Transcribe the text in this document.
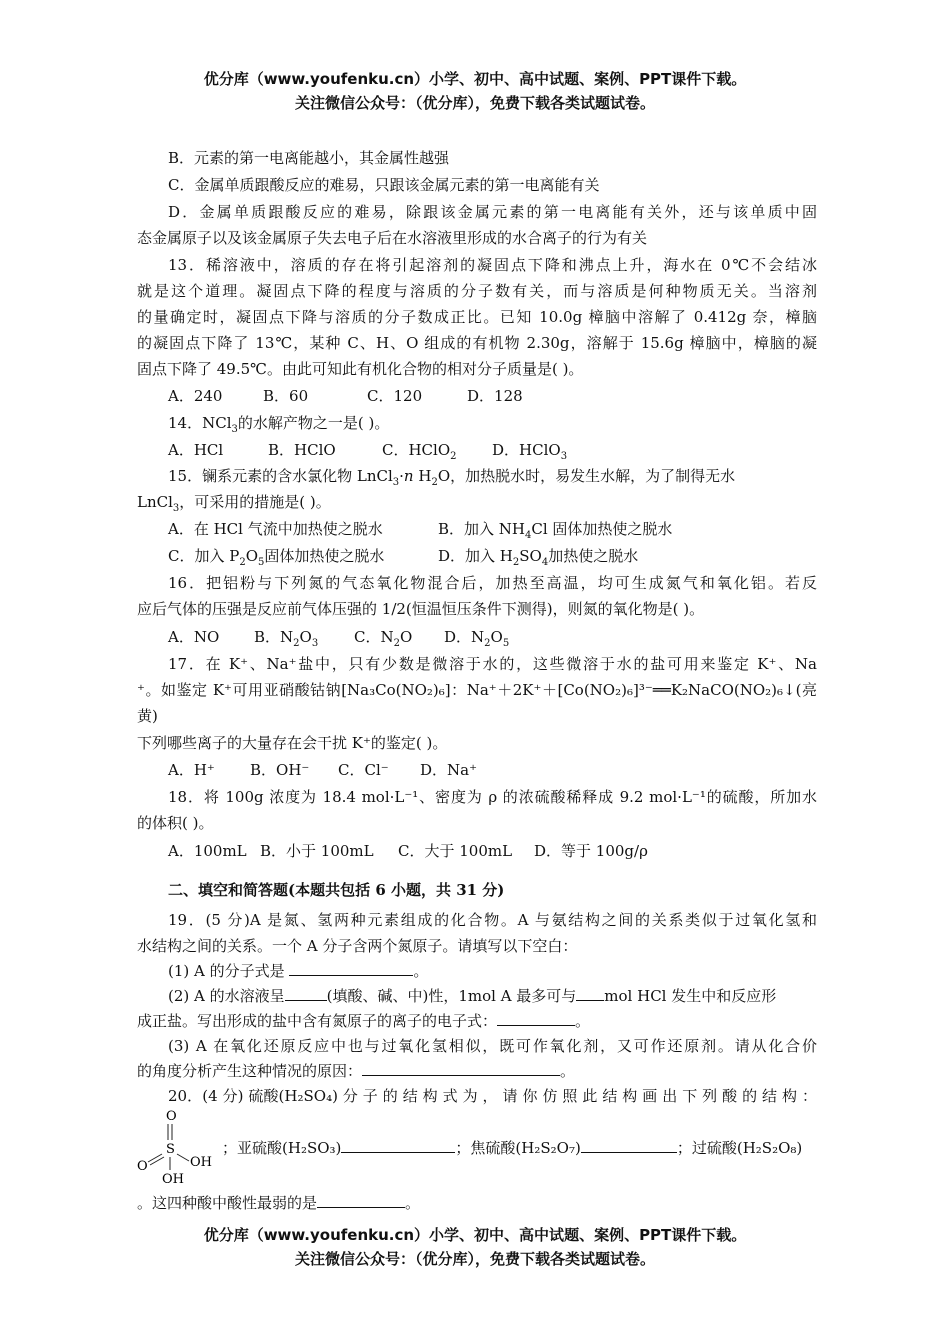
优分库（www.youfenku.cn）小学、初中、高中试题、案例、PPT课件下载。
关注微信公众号：（优分库），免费下载各类试题试卷。
B．元素的第一电离能越小，其金属性越强
C．金属单质跟酸反应的难易，只跟该金属元素的第一电离能有关
D．金属单质跟酸反应的难易，除跟该金属元素的第一电离能有关外，还与该单质中固
态金属原子以及该金属原子失去电子后在水溶液里形成的水合离子的行为有关
13．稀溶液中，溶质的存在将引起溶剂的凝固点下降和沸点上升，海水在 0℃不会结冰
就是这个道理。凝固点下降的程度与溶质的分子数有关，而与溶质是何种物质无关。当溶剂
的量确定时，凝固点下降与溶质的分子数成正比。已知 10.0g 樟脑中溶解了 0.412g 奈，樟脑
的凝固点下降了 13℃，某种 C、H、O 组成的有机物 2.30g，溶解于 15.6g 樟脑中，樟脑的凝
固点下降了 49.5℃。由此可知此有机化合物的相对分子质量是( )。
A．240	B．60	C．120	D．128
14．NCl$_3$的水解产物之一是( )。
A．HCl	B．HClO	C．HClO$_2$ D．HClO$_3$
15．镧系元素的含水氯化物 LnCl$_3$·n $H_2O$，加热脱水时，易发生水解，为了制得无水
LnCl$_3$，可采用的措施是( )。
A．在 HCl 气流中加热使之脱水	B．加入 $NH_4Cl$ 固体加热使之脱水
C．加入 $P_2O_5$固体加热使之脱水	D．加入 $H_2SO_4$加热使之脱水
16．把铝粉与下列氮的气态氧化物混合后，加热至高温，均可生成氮气和氧化铝。若反
应后气体的压强是反应前气体压强的 1/2(恒温恒压条件下测得)，则氮的氧化物是( )。
A．NO B．$N_2O_3$ C．$N_2O$ D．$N_2O_5$
17．在 K⁺、Na⁺盐中，只有少数是微溶于水的，这些微溶于水的盐可用来鉴定 K⁺、Na
⁺。如鉴定 K⁺可用亚硝酸钴钠[Na₃Co(NO₂)₆]：Na⁺＋2K⁺＋[Co(NO₂)₆]³⁻══K₂NaCO(NO₂)₆↓(亮
黄)
下列哪些离子的大量存在会干扰 K⁺的鉴定( )。
A．H⁺ B．OH⁻ C．Cl⁻ D．Na⁺
18．将 100g 浓度为 18.4 mol·L⁻¹、密度为 ρ 的浓硫酸稀释成 9.2 mol·L⁻¹的硫酸，所加水
的体积( )。
A．100mL B．小于 100mL C．大于 100mL D．等于 100g/ρ
二、填空和简答题(本题共包括 6 小题，共 31 分)
19．(5 分)A 是氮、氢两种元素组成的化合物。A 与氨结构之间的关系类似于过氧化氢和
水结构之间的关系。一个 A 分子含两个氮原子。请填写以下空白：
(1) A 的分子式是	。
(2) A 的水溶液呈	(填酸、碱、中)性，1mol A 最多可与 mol HCl 发生中和反应形
成正盐。写出形成的盐中含有氮原子的离子的电子式：	。
(3) A 在氧化还原反应中也与过氧化氢相似，既可作氧化剂，又可作还原剂。请从化合价
的角度分析产生这种情况的原因：	。
20．(4 分) 硫酸(H₂SO₄) 分 子 的 结 构 式 为 ， 请 你 仿 照 此 结 构 画 出 下 列 酸 的 结 构 ：
O
S
O	OH
OH
；亚硫酸(H₂SO₃)	；焦硫酸(H₂S₂O₇)	；过硫酸(H₂S₂O₈)
。这四种酸中酸性最弱的是	。
优分库（www.youfenku.cn）小学、初中、高中试题、案例、PPT课件下载。
关注微信公众号：（优分库），免费下载各类试题试卷。
